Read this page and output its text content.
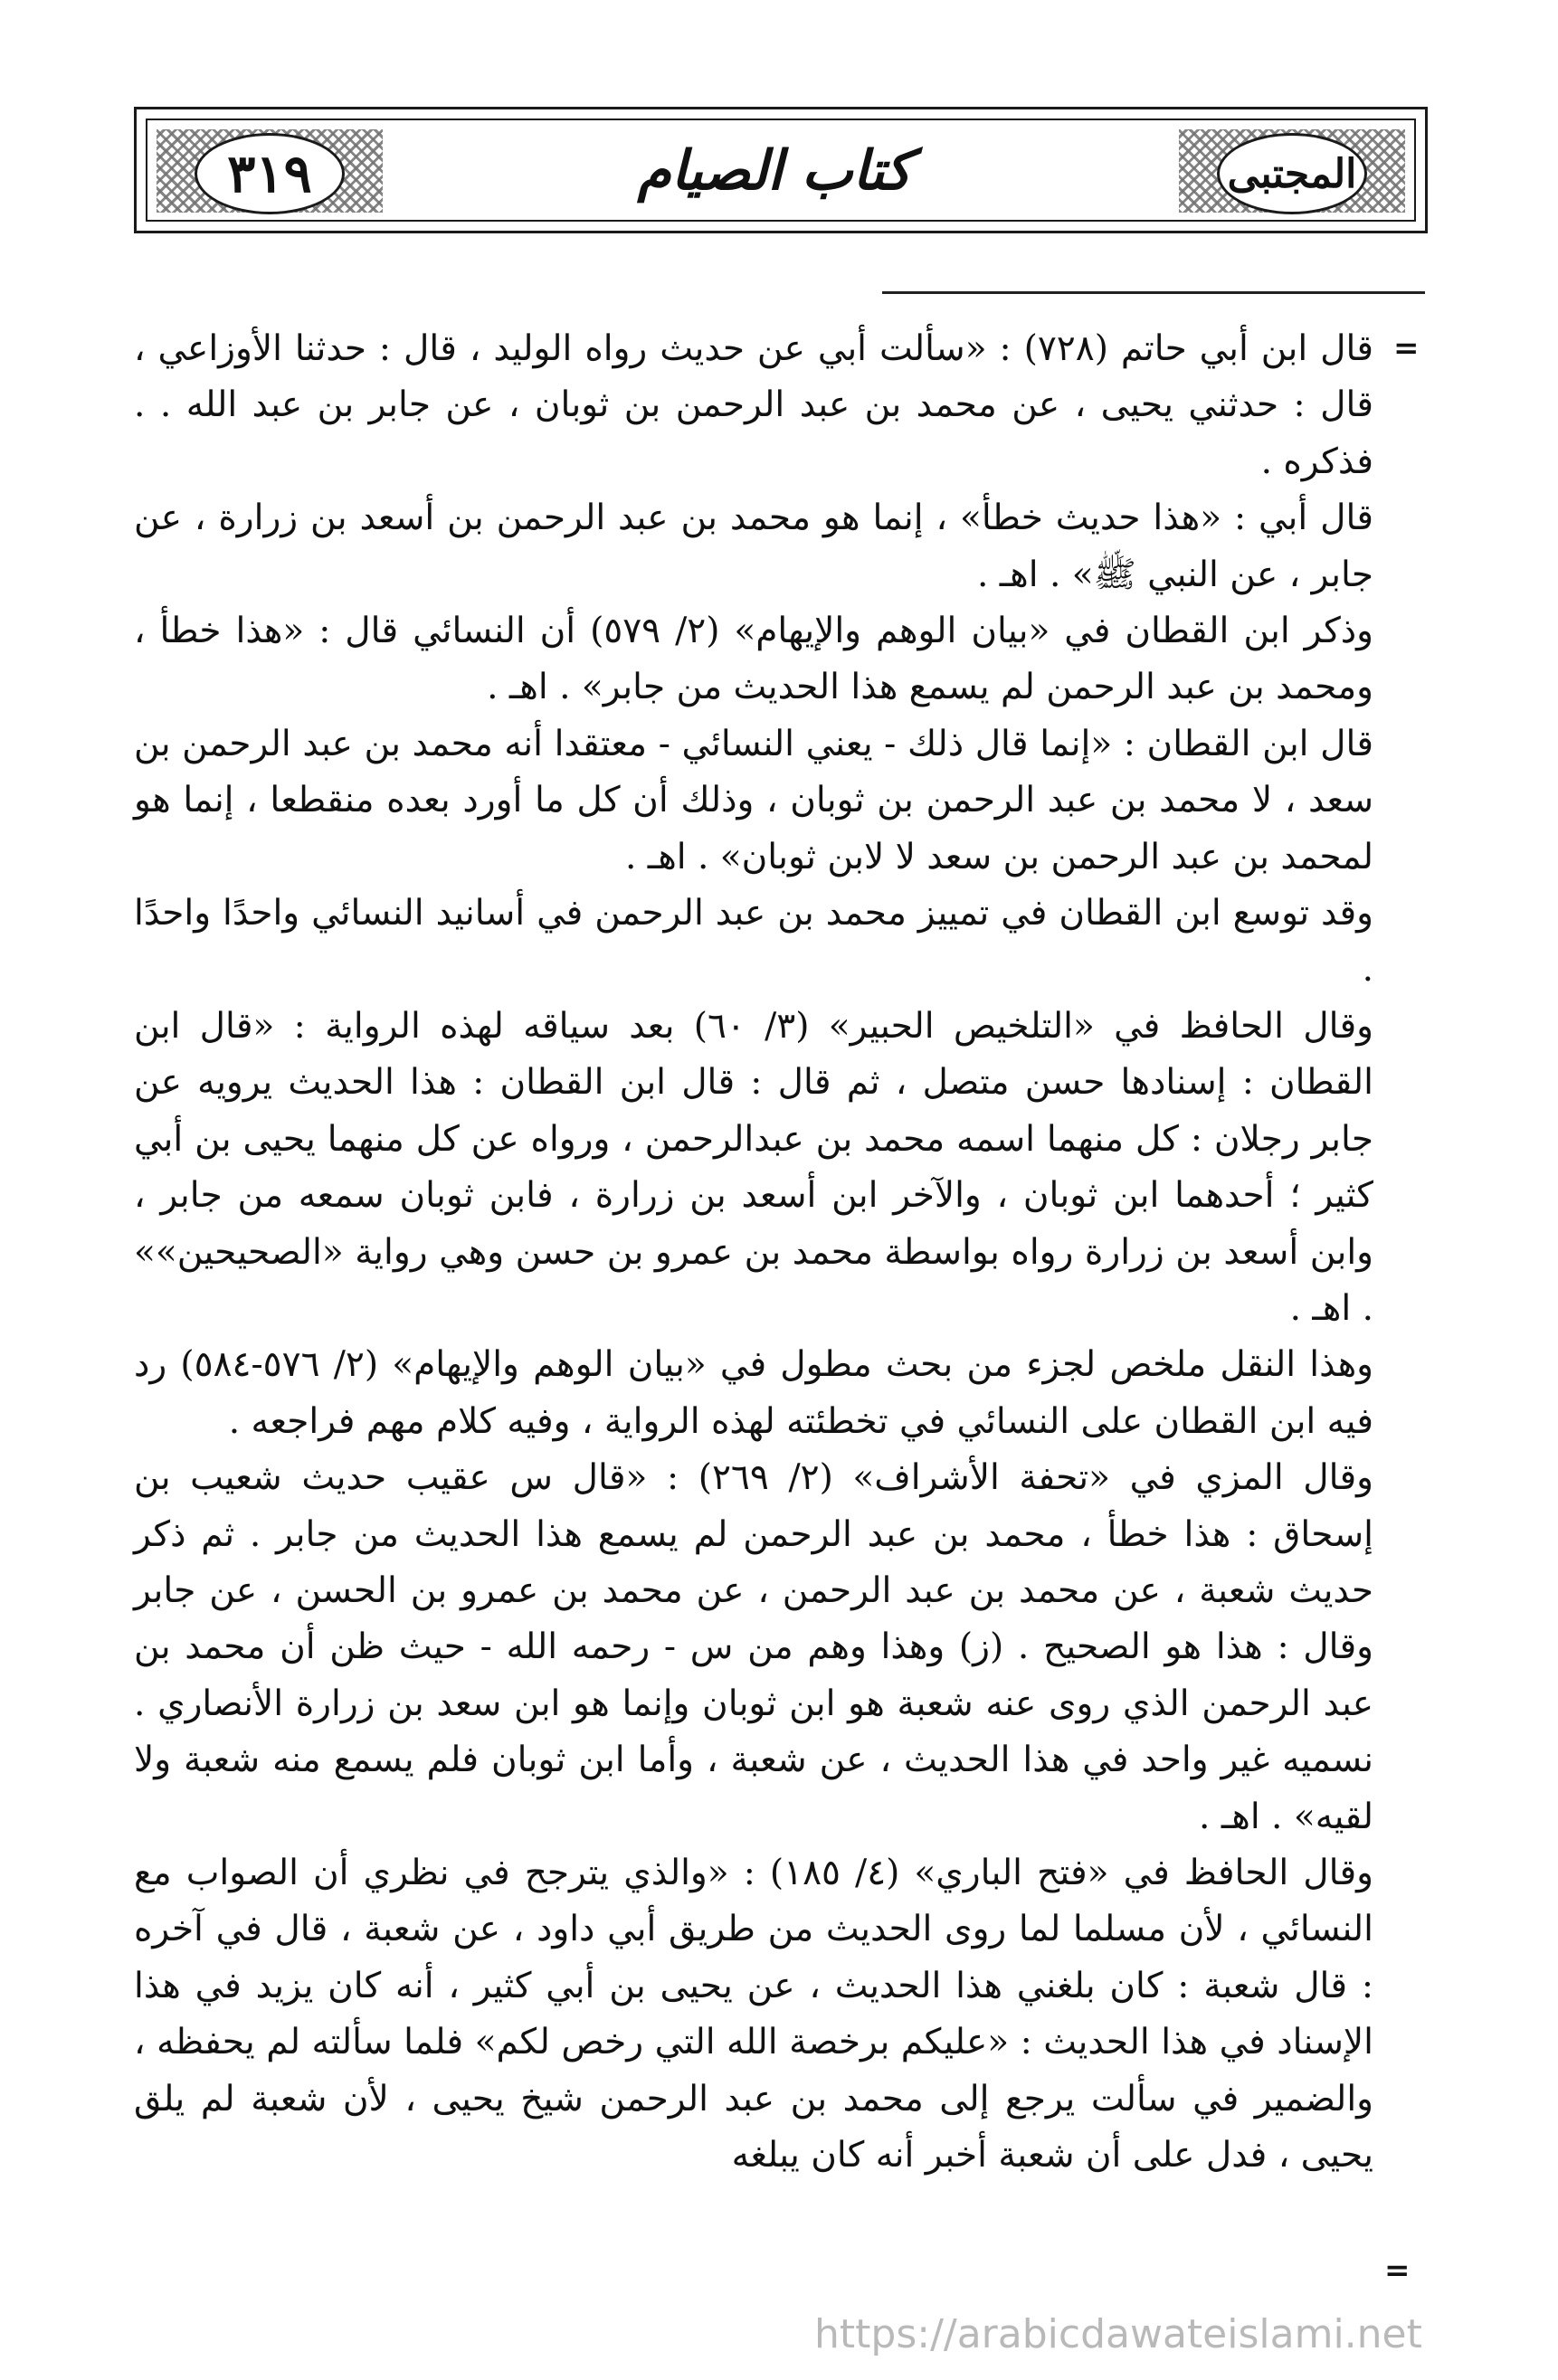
٣١٩	كتاب الصيام	المجتبى
=

قال ابن أبي حاتم (٧٢٨) : «سألت أبي عن حديث رواه الوليد ، قال : حدثنا الأوزاعي ، قال : حدثني يحيى ، عن محمد بن عبد الرحمن بن ثوبان ، عن جابر بن عبد الله . . فذكره .

قال أبي : «هذا حديث خطأ» ، إنما هو محمد بن عبد الرحمن بن أسعد بن زرارة ، عن جابر ، عن النبي ﷺ» . اهـ .

وذكر ابن القطان في «بيان الوهم والإيهام» (٢/ ٥٧٩) أن النسائي قال : «هذا خطأ ، ومحمد بن عبد الرحمن لم يسمع هذا الحديث من جابر» . اهـ .

قال ابن القطان : «إنما قال ذلك - يعني النسائي - معتقدا أنه محمد بن عبد الرحمن بن سعد ، لا محمد بن عبد الرحمن بن ثوبان ، وذلك أن كل ما أورد بعده منقطعا ، إنما هو لمحمد بن عبد الرحمن بن سعد لا لابن ثوبان» . اهـ .

وقد توسع ابن القطان في تمييز محمد بن عبد الرحمن في أسانيد النسائي واحدًا واحدًا .

وقال الحافظ في «التلخيص الحبير» (٣/ ٦٠) بعد سياقه لهذه الرواية : «قال ابن القطان : إسنادها حسن متصل ، ثم قال : قال ابن القطان : هذا الحديث يرويه عن جابر رجلان : كل منهما اسمه محمد بن عبدالرحمن ، ورواه عن كل منهما يحيى بن أبي كثير ؛ أحدهما ابن ثوبان ، والآخر ابن أسعد بن زرارة ، فابن ثوبان سمعه من جابر ، وابن أسعد بن زرارة رواه بواسطة محمد بن عمرو بن حسن وهي رواية «الصحيحين»» . اهـ .

وهذا النقل ملخص لجزء من بحث مطول في «بيان الوهم والإيهام» (٢/ ٥٧٦-٥٨٤) رد فيه ابن القطان على النسائي في تخطئته لهذه الرواية ، وفيه كلام مهم فراجعه .

وقال المزي في «تحفة الأشراف» (٢/ ٢٦٩) : «قال س عقيب حديث شعيب بن إسحاق : هذا خطأ ، محمد بن عبد الرحمن لم يسمع هذا الحديث من جابر . ثم ذكر حديث شعبة ، عن محمد بن عبد الرحمن ، عن محمد بن عمرو بن الحسن ، عن جابر وقال : هذا هو الصحيح . (ز) وهذا وهم من س - رحمه الله - حيث ظن أن محمد بن عبد الرحمن الذي روى عنه شعبة هو ابن ثوبان وإنما هو ابن سعد بن زرارة الأنصاري . نسميه غير واحد في هذا الحديث ، عن شعبة ، وأما ابن ثوبان فلم يسمع منه شعبة ولا لقيه» . اهـ .

وقال الحافظ في «فتح الباري» (٤/ ١٨٥) : «والذي يترجح في نظري أن الصواب مع النسائي ، لأن مسلما لما روى الحديث من طريق أبي داود ، عن شعبة ، قال في آخره : قال شعبة : كان بلغني هذا الحديث ، عن يحيى بن أبي كثير ، أنه كان يزيد في هذا الإسناد في هذا الحديث : «عليكم برخصة الله التي رخص لكم» فلما سألته لم يحفظه ، والضمير في سألت يرجع إلى محمد بن عبد الرحمن شيخ يحيى ، لأن شعبة لم يلق يحيى ، فدل على أن شعبة أخبر أنه كان يبلغه

=
https://arabicdawateislami.net
